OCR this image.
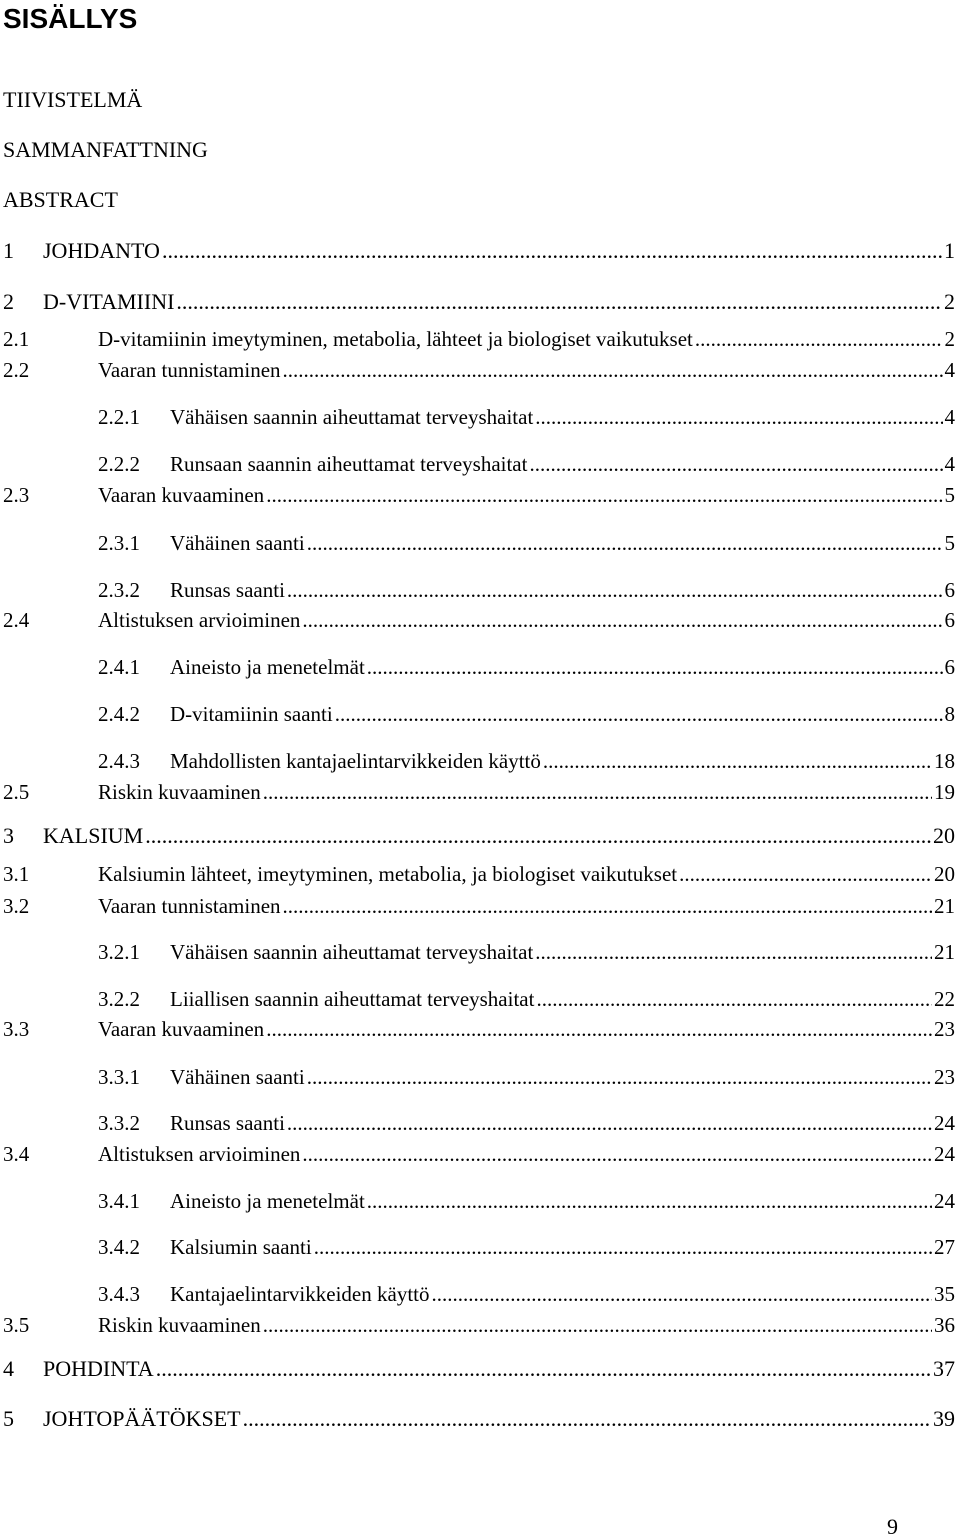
SISÄLLYS
TIIVISTELMÄ
SAMMANFATTNING
ABSTRACT
1	JOHDANTO .....	1
2	D-VITAMIINI .....	2
2.1	D-vitamiinin imeytyminen, metabolia, lähteet ja biologiset vaikutukset .....	2
2.2	Vaaran tunnistaminen .....	4
2.2.1	Vähäisen saannin aiheuttamat terveyshaitat .....	4
2.2.2	Runsaan saannin aiheuttamat terveyshaitat .....	4
2.3	Vaaran kuvaaminen .....	5
2.3.1	Vähäinen saanti .....	5
2.3.2	Runsas saanti .....	6
2.4	Altistuksen arvioiminen .....	6
2.4.1	Aineisto ja menetelmät .....	6
2.4.2	D-vitamiinin saanti .....	8
2.4.3	Mahdollisten kantajaelintarvikkeiden käyttö .....	18
2.5	Riskin kuvaaminen .....	19
3	KALSIUM .....	20
3.1	Kalsiumin lähteet, imeytyminen, metabolia, ja biologiset vaikutukset .....	20
3.2	Vaaran tunnistaminen .....	21
3.2.1	Vähäisen saannin aiheuttamat terveyshaitat .....	21
3.2.2	Liiallisen saannin aiheuttamat terveyshaitat .....	22
3.3	Vaaran kuvaaminen .....	23
3.3.1	Vähäinen saanti .....	23
3.3.2	Runsas saanti .....	24
3.4	Altistuksen arvioiminen .....	24
3.4.1	Aineisto ja menetelmät .....	24
3.4.2	Kalsiumin saanti .....	27
3.4.3	Kantajaelintarvikkeiden käyttö .....	35
3.5	Riskin kuvaaminen .....	36
4	POHDINTA .....	37
5	JOHTOPÄÄTÖKSET .....	39
9
